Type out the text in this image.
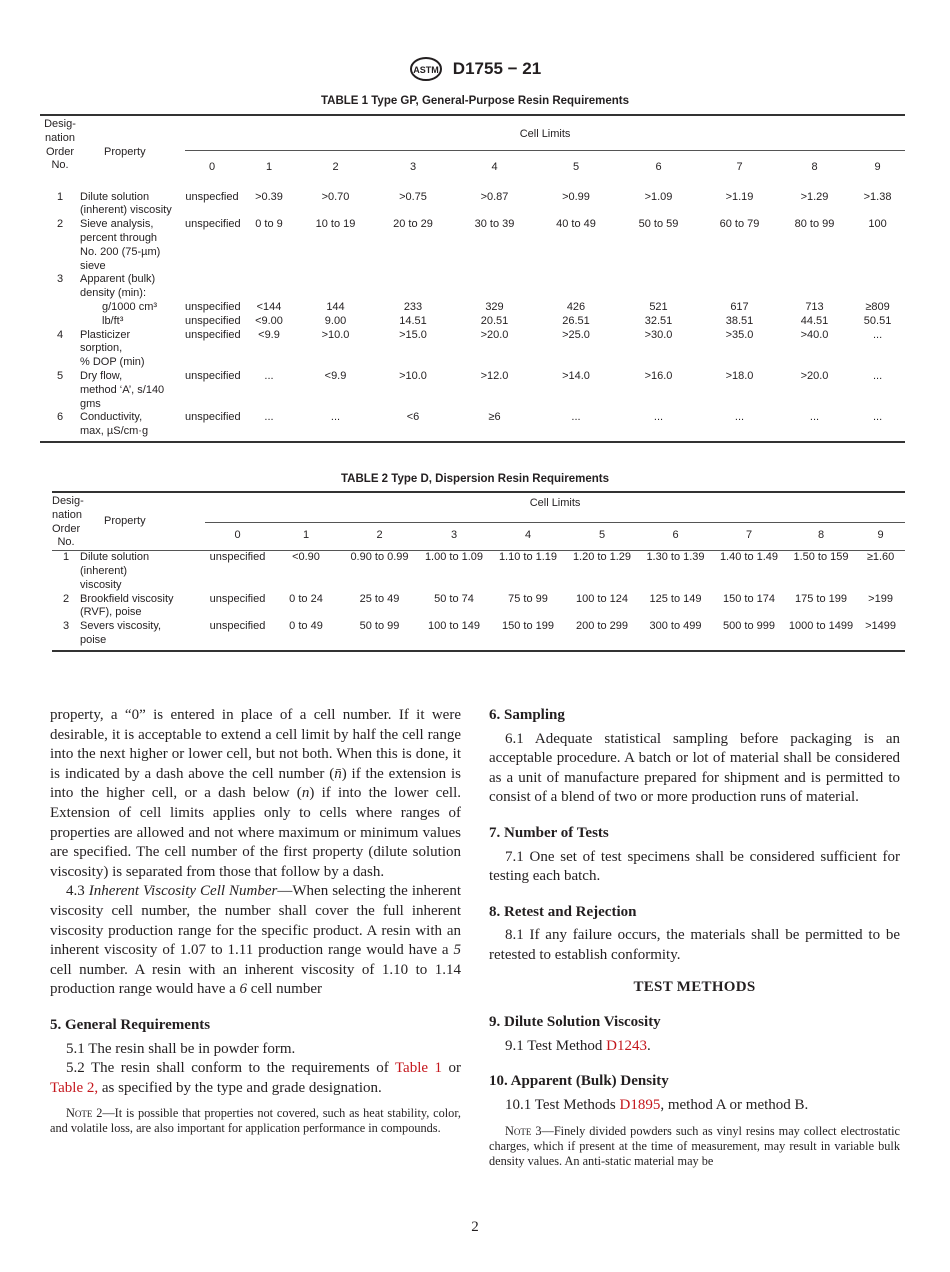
ASTM D1755 − 21
TABLE 1 Type GP, General-Purpose Resin Requirements
Desig-
nation
Order
No.	Property	Cell Limits									
		0	1	2	3	4	5	6	7	8	9
1	Dilute solution
(inherent) viscosity	unspecfied	>0.39	>0.70	>0.75	>0.87	>0.99	>1.09	>1.19	>1.29	>1.38
2	Sieve analysis,
percent through
No. 200 (75-µm)
sieve	unspecified	0 to 9	10 to 19	20 to 29	30 to 39	40 to 49	50 to 59	60 to 79	80 to 99	100
3	Apparent (bulk)
density (min):										
	g/1000 cm³	unspecified	<144	144	233	329	426	521	617	713	≥809
	lb/ft³	unspecified	<9.00	9.00	14.51	20.51	26.51	32.51	38.51	44.51	50.51
4	Plasticizer
sorption,
% DOP (min)	unspecified	<9.9	>10.0	>15.0	>20.0	>25.0	>30.0	>35.0	>40.0	...
5	Dry flow,
method ‘A’, s/140
gms	unspecified	...	<9.9	>10.0	>12.0	>14.0	>16.0	>18.0	>20.0	...
6	Conductivity,
max, µS/cm·g	unspecified	...	...	<6	≥6	...	...	...	...	...
TABLE 2 Type D, Dispersion Resin Requirements
Desig-
nation
Order
No.	Property	Cell Limits									
		0	1	2	3	4	5	6	7	8	9
1	Dilute solution
(inherent)
viscosity	unspecified	<0.90	0.90 to 0.99	1.00 to 1.09	1.10 to 1.19	1.20 to 1.29	1.30 to 1.39	1.40 to 1.49	1.50 to 159	≥1.60
2	Brookfield viscosity
(RVF), poise	unspecified	0 to 24	25 to 49	50 to 74	75 to 99	100 to 124	125 to 149	150 to 174	175 to 199	>199
3	Severs viscosity,
poise	unspecified	0 to 49	50 to 99	100 to 149	150 to 199	200 to 299	300 to 499	500 to 999	1000 to 1499	>1499

property, a “0” is entered in place of a cell number. If it were desirable, it is acceptable to extend a cell limit by half the cell range into the next higher or lower cell, but not both. When this is done, it is indicated by a dash above the cell number (n̄) if the extension is into the higher cell, or a dash below (n) if into the lower cell. Extension of cell limits applies only to cells where ranges of properties are allowed and not where maximum or minimum values are specified. The cell number of the first property (dilute solution viscosity) is separated from those that follow by a dash.

4.3 Inherent Viscosity Cell Number—When selecting the inherent viscosity cell number, the number shall cover the full inherent viscosity production range for the specific product. A resin with an inherent viscosity of 1.07 to 1.11 production range would have a 5 cell number. A resin with an inherent viscosity of 1.10 to 1.14 production range would have a 6 cell number

5. General Requirements

5.1 The resin shall be in powder form.

5.2 The resin shall conform to the requirements of Table 1 or Table 2, as specified by the type and grade designation.

Note 2—It is possible that properties not covered, such as heat stability, color, and volatile loss, are also important for application performance in compounds.

6. Sampling

6.1 Adequate statistical sampling before packaging is an acceptable procedure. A batch or lot of material shall be considered as a unit of manufacture prepared for shipment and is permitted to consist of a blend of two or more production runs of material.

7. Number of Tests

7.1 One set of test specimens shall be considered sufficient for testing each batch.

8. Retest and Rejection

8.1 If any failure occurs, the materials shall be permitted to be retested to establish conformity.

TEST METHODS
9. Dilute Solution Viscosity

9.1 Test Method D1243.

10. Apparent (Bulk) Density

10.1 Test Methods D1895, method A or method B.

Note 3—Finely divided powders such as vinyl resins may collect electrostatic charges, which if present at the time of measurement, may result in variable bulk density values. An anti-static material may be

2
